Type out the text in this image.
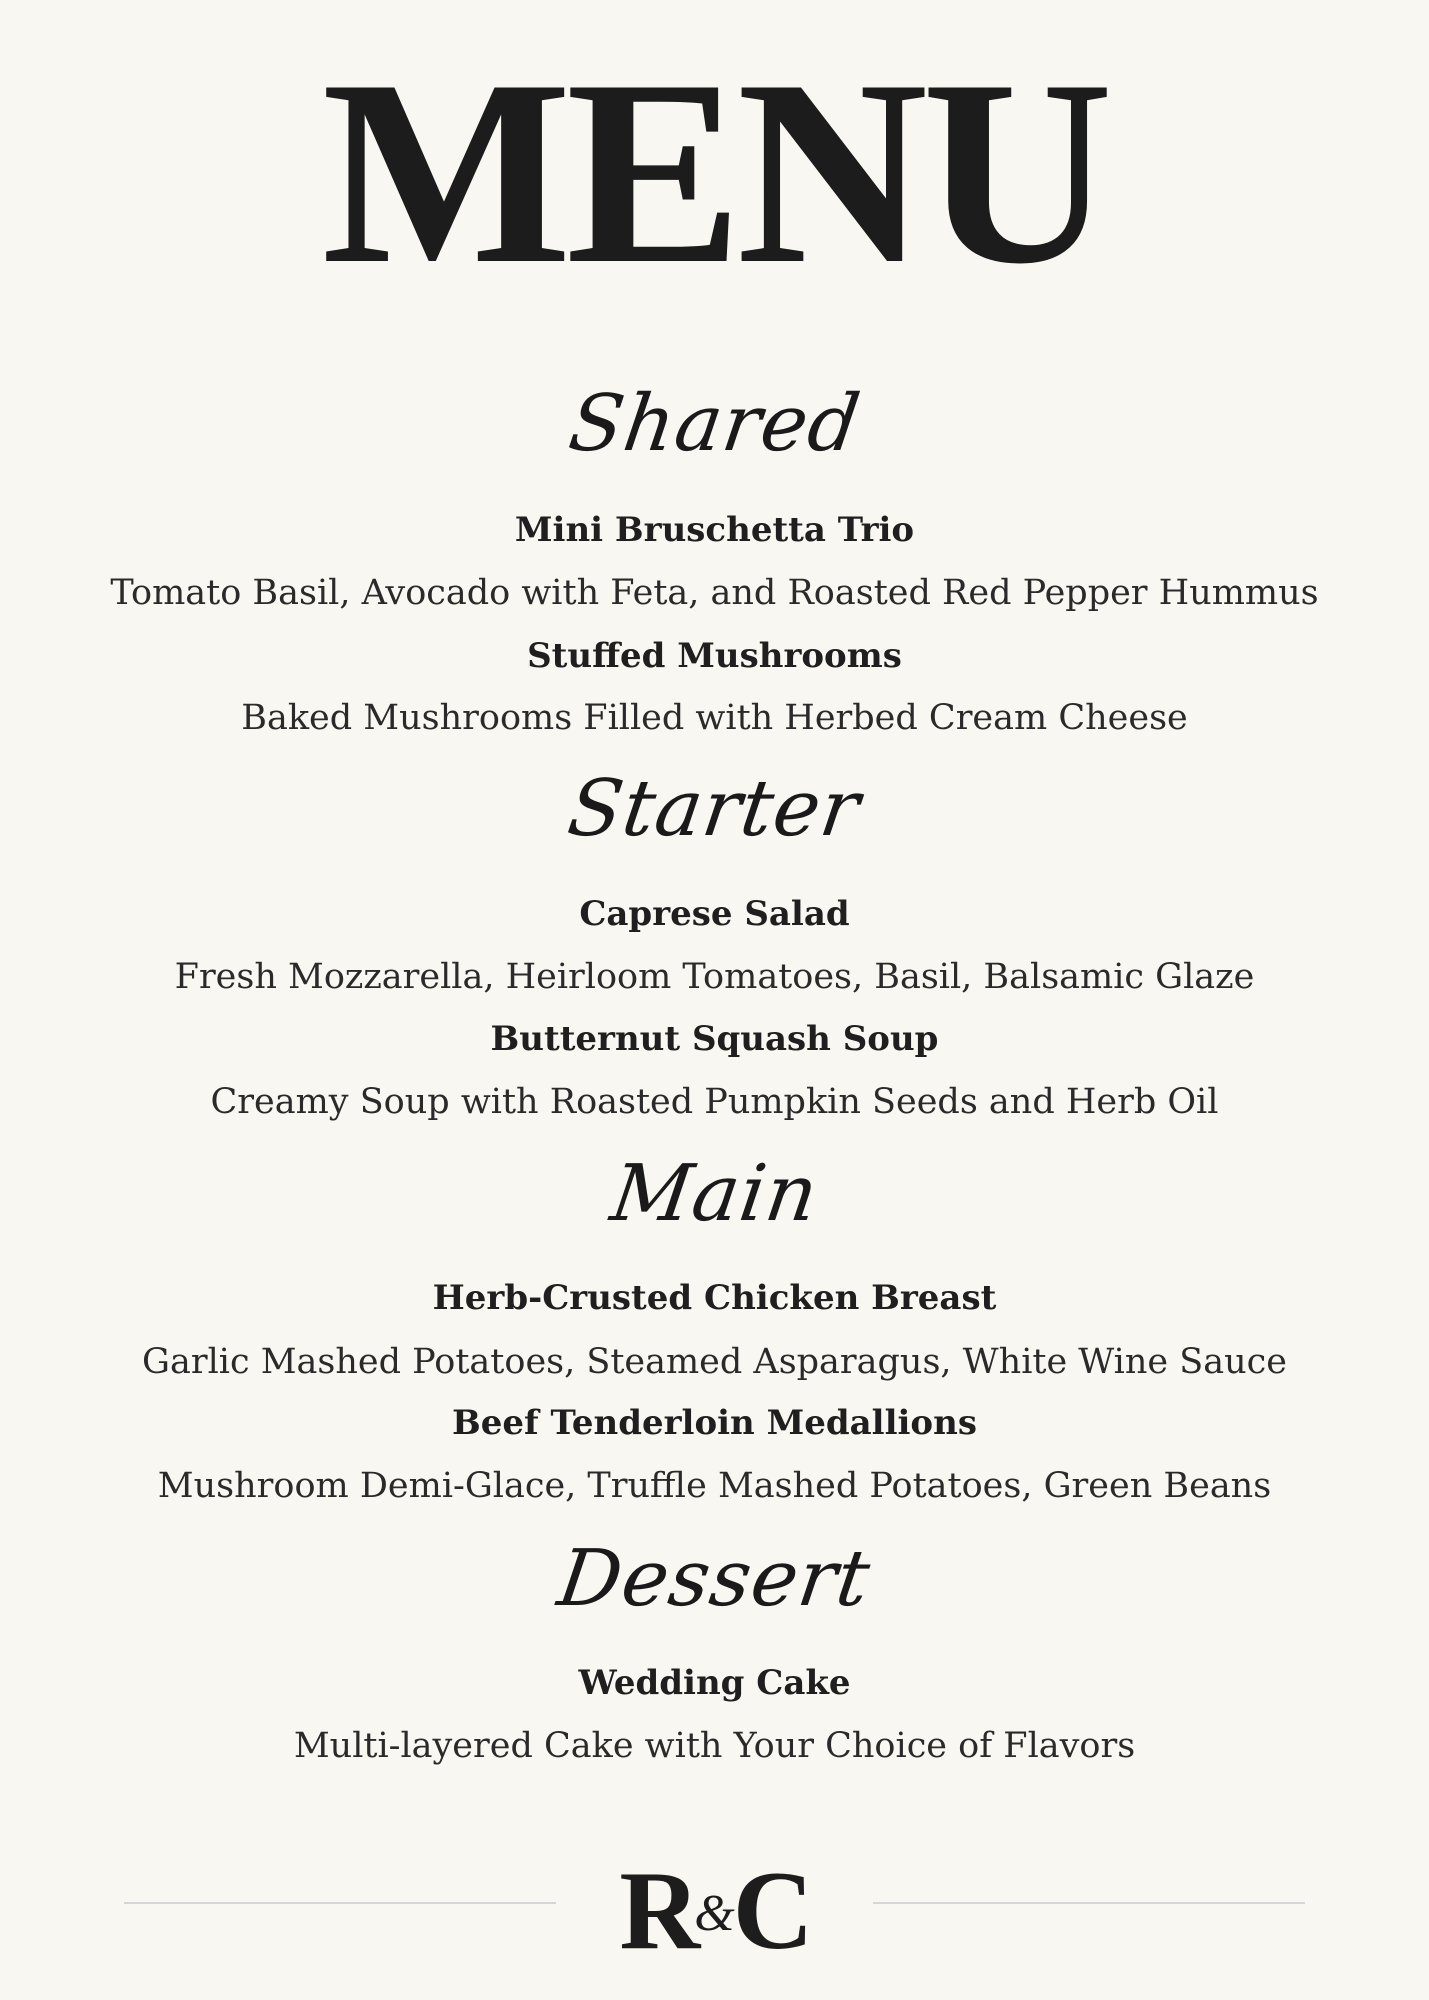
MENU
Shared
Mini Bruschetta Trio
Tomato Basil, Avocado with Feta, and Roasted Red Pepper Hummus
Stuffed Mushrooms
Baked Mushrooms Filled with Herbed Cream Cheese
Starter
Caprese Salad
Fresh Mozzarella, Heirloom Tomatoes, Basil, Balsamic Glaze
Butternut Squash Soup
Creamy Soup with Roasted Pumpkin Seeds and Herb Oil
Main
Herb-Crusted Chicken Breast
Garlic Mashed Potatoes, Steamed Asparagus, White Wine Sauce
Beef Tenderloin Medallions
Mushroom Demi-Glace, Truffle Mashed Potatoes, Green Beans
Dessert
Wedding Cake
Multi-layered Cake with Your Choice of Flavors
R&C
